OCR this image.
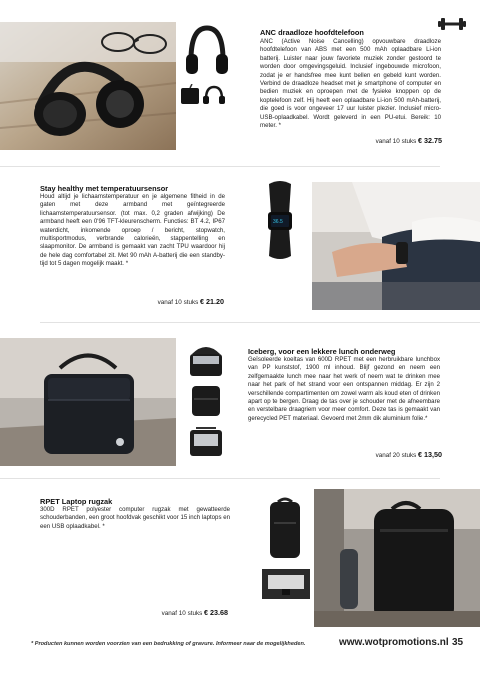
ANC draadloze hoofdtelefoon
ANC (Active Noise Cancelling) opvouwbare draadloze hoofdtelefoon van ABS met een 500 mAh oplaadbare Li-ion batterij. Luister naar jouw favoriete muziek zonder gestoord te worden door omgevingsgeluid. Inclusief ingebouwde microfoon, zodat je er handsfree mee kunt bellen en gebeld kunt worden. Verbind de draadloze headset met je smartphone of computer en bedien muziek en oproepen met de fysieke knoppen op de koptelefoon zelf. Hij heeft een oplaadbare Li-ion 500 mAh-batterij, die goed is voor ongeveer 17 uur luister plezier. Inclusief micro-USB-oplaadkabel. Wordt geleverd in een PU-etui. Bereik: 10 meter. *
vanaf 10 stuks € 32.75
Stay healthy met temperatuursensor
Houd altijd je lichaamstemperatuur en je algemene fitheid in de gaten met deze armband met geïntegreerde lichaamstemperatuursensor. (tot max. 0,2 graden afwijking) De armband heeft een 0'96 TFT-kleurenscherm. Functies: BT 4.2, IP67 waterdicht, inkomende oproep / bericht, stopwatch, multisportmodus, verbrande calorieën, stappentelling en slaapmonitor. De armband is gemaakt van zacht TPU waardoor hij de hele dag comfortabel zit. Met 90 mAh A-batterij die een standby-tijd tot 5 dagen mogelijk maakt. *
vanaf 10 stuks € 21.20
36.5
Iceberg, voor een lekkere lunch onderweg
Geïsoleerde koeltas van 600D RPET met een herbruikbare lunchbox van PP kunststof, 1900 ml inhoud. Blijf gezond en neem een zelfgemaakte lunch mee naar het werk of neem wat te drinken mee naar het park of het strand voor een ontspannen middag. Er zijn 2 verschillende compartimenten om zowel warm als koud eten of drinken apart op te bergen. Draag de tas over je schouder met de afneembare en verstelbare draagriem voor meer comfort. Deze tas is gemaakt van gerecycled PET materiaal. Gevoerd met 2mm dik aluminium folie.*
vanaf 20 stuks € 13,50
RPET Laptop rugzak
300D RPET polyester computer rugzak met gewatteerde schouderbanden, een groot hoofdvak geschikt voor 15 inch laptops en een USB oplaadkabel. *
vanaf 10 stuks € 23.68
* Producten kunnen worden voorzien van een bedrukking of gravure. Informeer naar de mogelijkheden.	www.wotpromotions.nl 35
